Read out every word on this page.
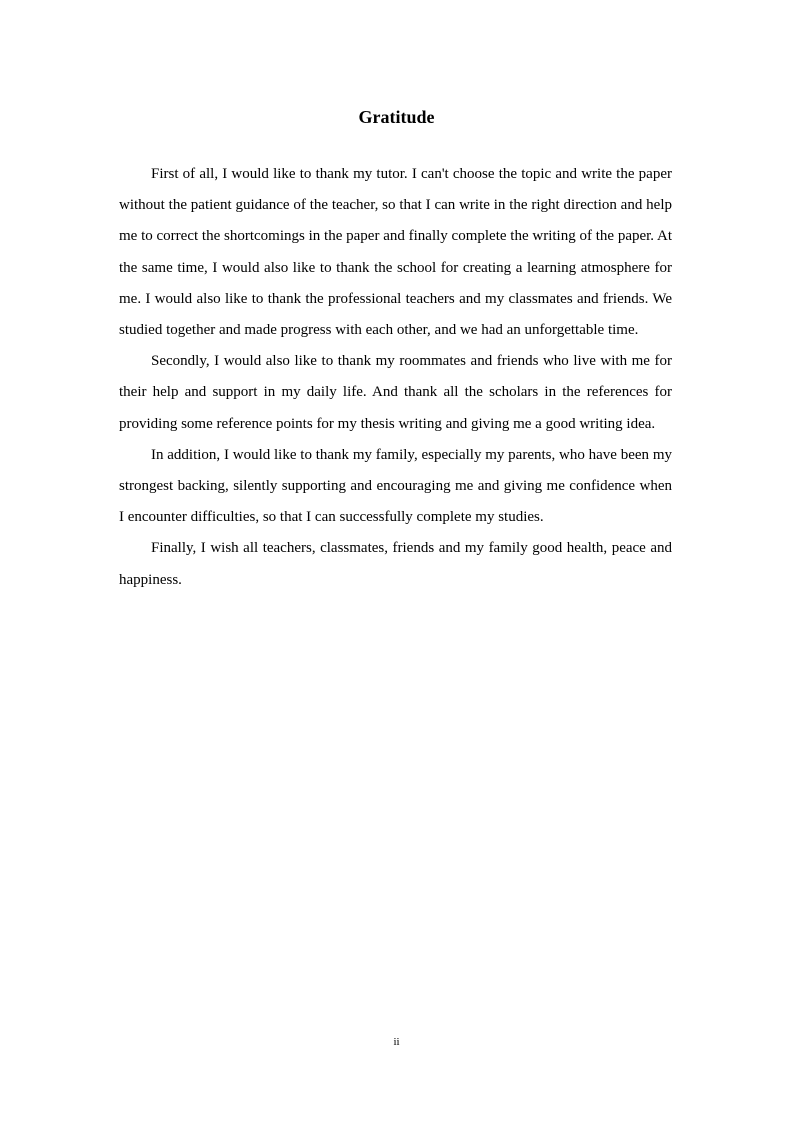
Gratitude

First of all, I would like to thank my tutor. I can't choose the topic and write the paper without the patient guidance of the teacher, so that I can write in the right direction and help me to correct the shortcomings in the paper and finally complete the writing of the paper. At the same time, I would also like to thank the school for creating a learning atmosphere for me. I would also like to thank the professional teachers and my classmates and friends. We studied together and made progress with each other, and we had an unforgettable time.

Secondly, I would also like to thank my roommates and friends who live with me for their help and support in my daily life. And thank all the scholars in the references for providing some reference points for my thesis writing and giving me a good writing idea.

In addition, I would like to thank my family, especially my parents, who have been my strongest backing, silently supporting and encouraging me and giving me confidence when I encounter difficulties, so that I can successfully complete my studies.

Finally, I wish all teachers, classmates, friends and my family good health, peace and happiness.

ii
